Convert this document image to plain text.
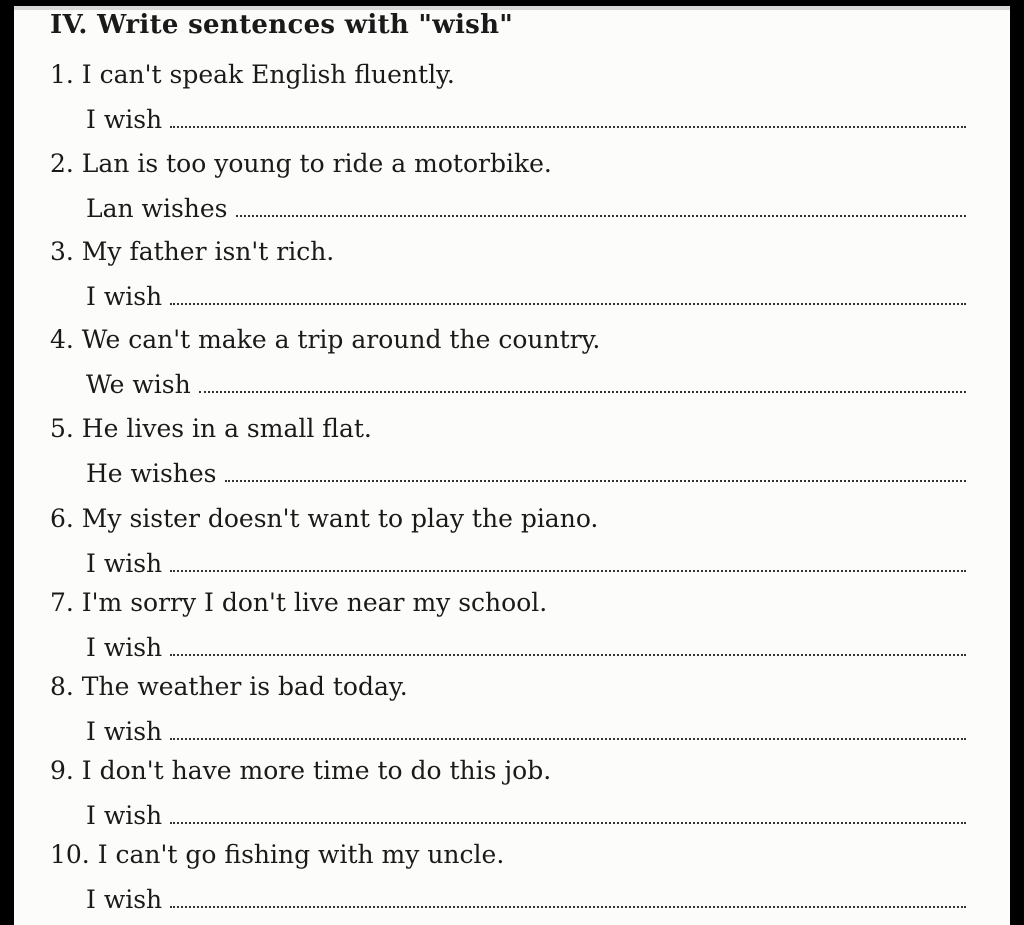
IV. Write sentences with "wish"
1. I can't speak English fluently.
I wish
2. Lan is too young to ride a motorbike.
Lan wishes
3. My father isn't rich.
I wish
4. We can't make a trip around the country.
We wish
5. He lives in a small flat.
He wishes
6. My sister doesn't want to play the piano.
I wish
7. I'm sorry I don't live near my school.
I wish
8. The weather is bad today.
I wish
9. I don't have more time to do this job.
I wish
10. I can't go fishing with my uncle.
I wish
